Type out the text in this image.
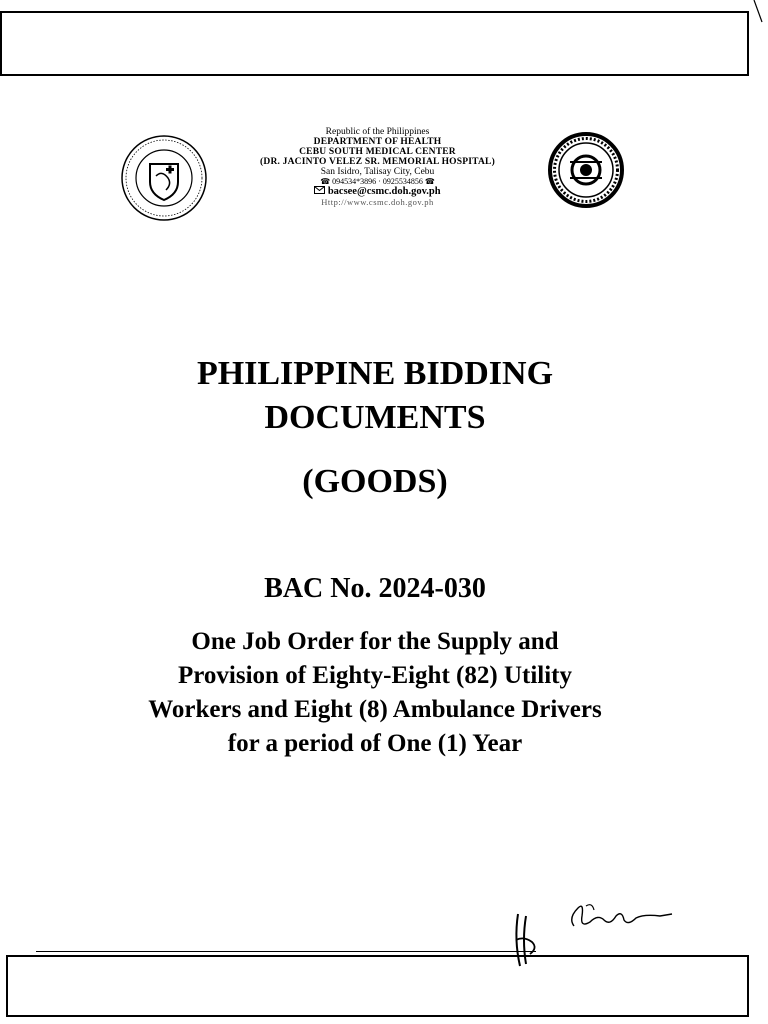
Republic of the Philippines
DEPARTMENT OF HEALTH
CEBU SOUTH MEDICAL CENTER
(DR. JACINTO VELEZ SR. MEMORIAL HOSPITAL)
San Isidro, Talisay City, Cebu
☎ 094534*3896 · 0925534856 ☎
bacsee@csmc.doh.gov.ph
Http://www.csmc.doh.gov.ph
PHILIPPINE BIDDING
DOCUMENTS
(GOODS)
BAC No. 2024-030
One Job Order for the Supply and
Provision of Eighty-Eight (82) Utility
Workers and Eight (8) Ambulance Drivers
for a period of One (1) Year
